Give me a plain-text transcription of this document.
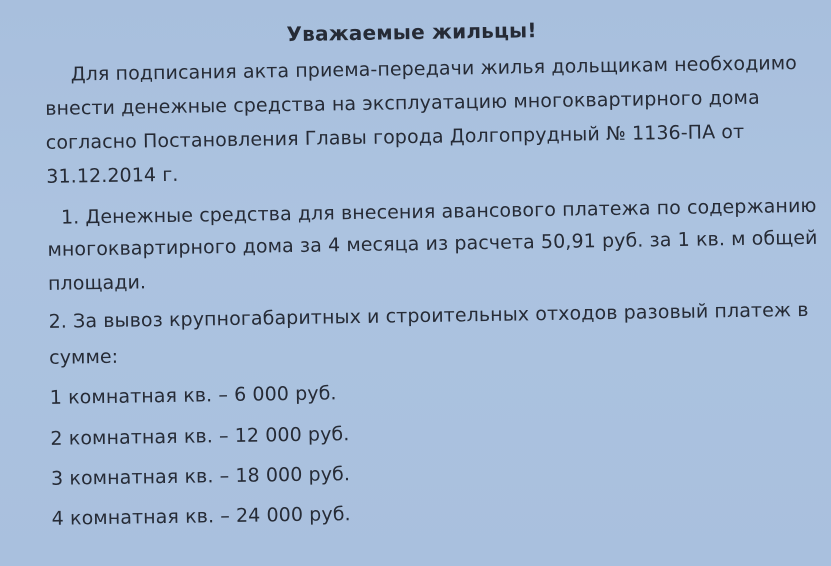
Уважаемые жильцы!
Для подписания акта приема-передачи жилья дольщикам необходимо
внести денежные средства на эксплуатацию многоквартирного дома
согласно Постановления Главы города Долгопрудный № 1136-ПА от
31.12.2014 г.
1. Денежные средства для внесения авансового платежа по содержанию
многоквартирного дома за 4 месяца из расчета 50,91 руб. за 1 кв. м общей
площади.
2. За вывоз крупногабаритных и строительных отходов разовый платеж в
сумме:
1 комнатная кв. – 6 000 руб.
2 комнатная кв. – 12 000 руб.
3 комнатная кв. – 18 000 руб.
4 комнатная кв. – 24 000 руб.
